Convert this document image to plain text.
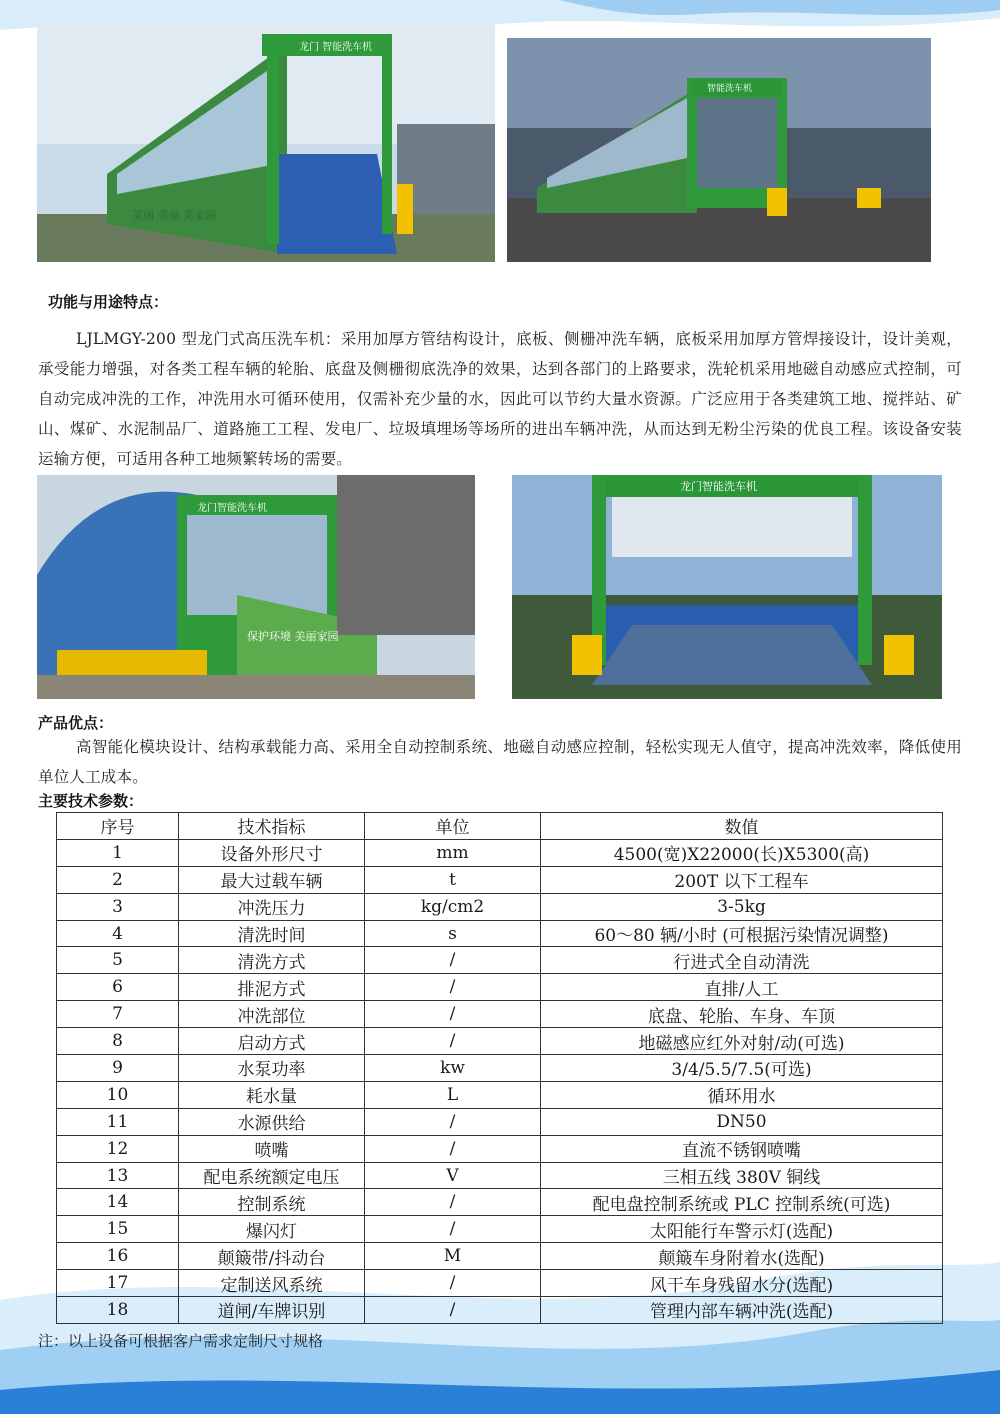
龙门 智能洗车机
美丽 美丽 美家园
智能洗车机
功能与用途特点：
LJLMGY-200 型龙门式高压洗车机：采用加厚方管结构设计，底板、侧栅冲洗车辆，底板采用加厚方管焊接设计，设计美观，承受能力增强，对各类工程车辆的轮胎、底盘及侧栅彻底洗净的效果，达到各部门的上路要求，洗轮机采用地磁自动感应式控制，可自动完成冲洗的工作，冲洗用水可循环使用，仅需补充少量的水，因此可以节约大量水资源。广泛应用于各类建筑工地、搅拌站、矿山、煤矿、水泥制品厂、道路施工工程、发电厂、垃圾填埋场等场所的进出车辆冲洗，从而达到无粉尘污染的优良工程。该设备安装运输方便，可适用各种工地频繁转场的需要。
龙门智能洗车机
保护环境 美丽家园
龙门智能洗车机
产品优点：
高智能化模块设计、结构承载能力高、采用全自动控制系统、地磁自动感应控制，轻松实现无人值守，提高冲洗效率，降低使用单位人工成本。
主要技术参数：
序号	技术指标	单位	数值
1	设备外形尺寸	mm	4500(宽)X22000(长)X5300(高)
2	最大过载车辆	t	200T 以下工程车
3	冲洗压力	kg/cm2	3-5kg
4	清洗时间	s	60～80 辆/小时 (可根据污染情况调整)
5	清洗方式	/	行进式全自动清洗
6	排泥方式	/	直排/人工
7	冲洗部位	/	底盘、轮胎、车身、车顶
8	启动方式	/	地磁感应红外对射/动(可选)
9	水泵功率	kw	3/4/5.5/7.5(可选)
10	耗水量	L	循环用水
11	水源供给	/	DN50
12	喷嘴	/	直流不锈钢喷嘴
13	配电系统额定电压	V	三相五线 380V 铜线
14	控制系统	/	配电盘控制系统或 PLC 控制系统(可选)
15	爆闪灯	/	太阳能行车警示灯(选配)
16	颠簸带/抖动台	M	颠簸车身附着水(选配)
17	定制送风系统	/	风干车身残留水分(选配)
18	道闸/车牌识别	/	管理内部车辆冲洗(选配)
注：以上设备可根据客户需求定制尺寸规格
